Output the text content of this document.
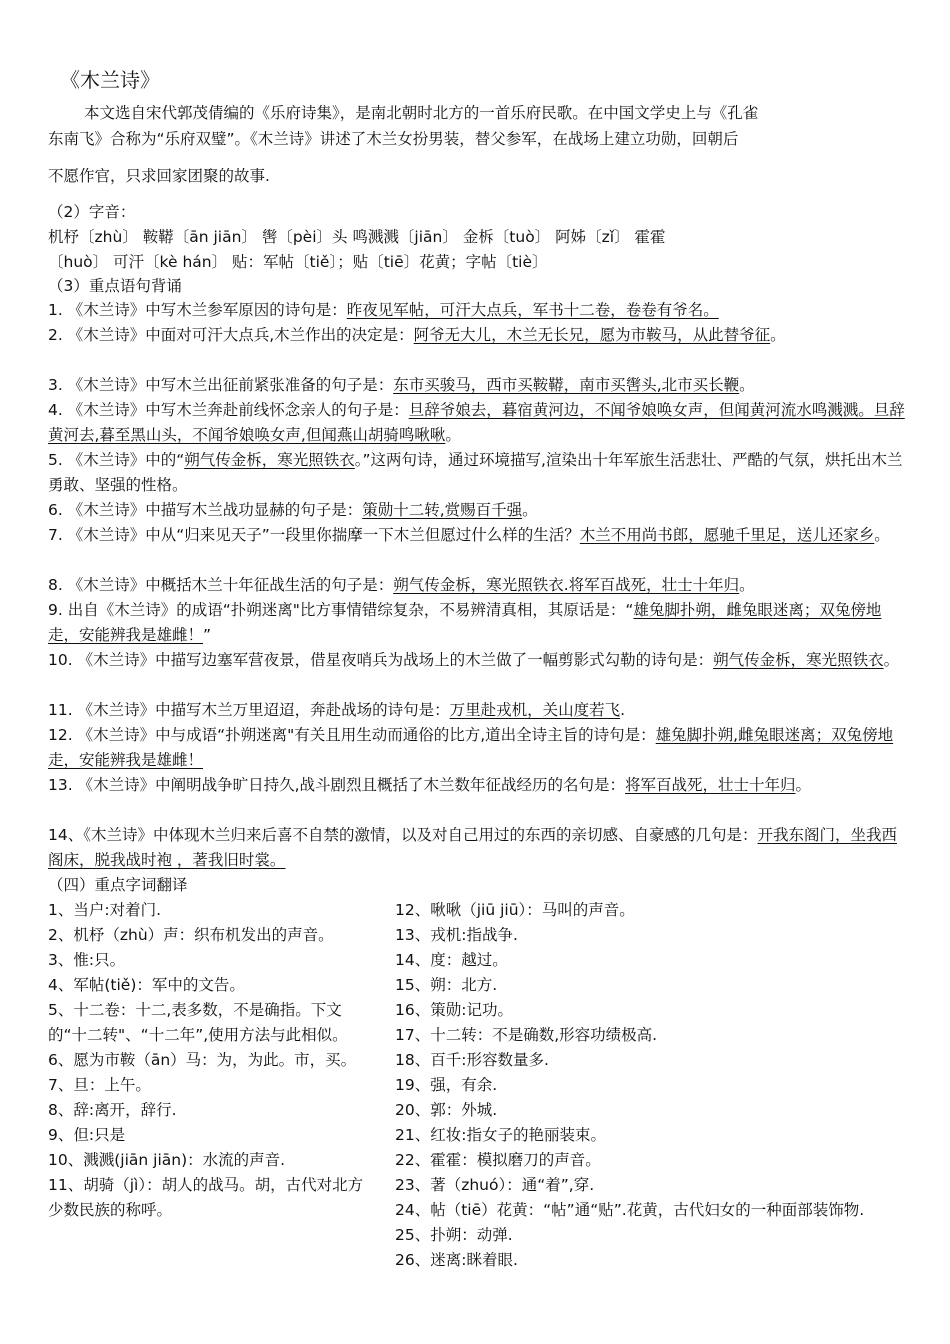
《木兰诗》
本文选自宋代郭茂倩编的《乐府诗集》，是南北朝时北方的一首乐府民歌。在中国文学史上与《孔雀
东南飞》合称为“乐府双璧”。《木兰诗》讲述了木兰女扮男装，替父参军，在战场上建立功勋，回朝后
不愿作官，只求回家团聚的故事.
（2）字音：
机杼〔zhù〕 鞍鞯〔ān jiān〕 辔〔pèi〕头 鸣溅溅〔jiān〕 金柝〔tuò〕 阿姊〔zǐ〕 霍霍
〔huò〕 可汗〔kè hán〕 贴：军帖〔tiě〕；贴〔tiē〕花黄；字帖〔tiè〕
（3）重点语句背诵
1. 《木兰诗》中写木兰参军原因的诗句是：昨夜见军帖，可汗大点兵，军书十二卷，卷卷有爷名。
2. 《木兰诗》中面对可汗大点兵,木兰作出的决定是：阿爷无大儿，木兰无长兄，愿为市鞍马，从此替爷征。
3. 《木兰诗》中写木兰出征前紧张准备的句子是：东市买骏马，西市买鞍鞯，南市买辔头,北市买长鞭。
4. 《木兰诗》中写木兰奔赴前线怀念亲人的句子是：旦辞爷娘去，暮宿黄河边，不闻爷娘唤女声，但闻黄河流水鸣溅溅。旦辞黄河去,暮至黑山头，不闻爷娘唤女声,但闻燕山胡骑鸣啾啾。
5. 《木兰诗》中的“朔气传金柝，寒光照铁衣。”这两句诗，通过环境描写,渲染出十年军旅生活悲壮、严酷的气氛，烘托出木兰勇敢、坚强的性格。
6. 《木兰诗》中描写木兰战功显赫的句子是：策勋十二转,赏赐百千强。
7. 《木兰诗》中从“归来见天子”一段里你揣摩一下木兰但愿过什么样的生活？木兰不用尚书郎，愿驰千里足，送儿还家乡。
8. 《木兰诗》中概括木兰十年征战生活的句子是：朔气传金柝，寒光照铁衣.将军百战死，壮士十年归。
9. 出自《木兰诗》的成语“扑朔迷离"比方事情错综复杂，不易辨清真相，其原话是：“雄兔脚扑朔，雌兔眼迷离；双兔傍地走，安能辨我是雄雌！”
10. 《木兰诗》中描写边塞军营夜景，借星夜哨兵为战场上的木兰做了一幅剪影式勾勒的诗句是：朔气传金柝，寒光照铁衣。
11. 《木兰诗》中描写木兰万里迢迢，奔赴战场的诗句是：万里赴戎机，关山度若飞.
12. 《木兰诗》中与成语“扑朔迷离"有关且用生动而通俗的比方,道出全诗主旨的诗句是：雄兔脚扑朔,雌兔眼迷离；双兔傍地走，安能辨我是雄雌！
13. 《木兰诗》中阐明战争旷日持久,战斗剧烈且概括了木兰数年征战经历的名句是：将军百战死，壮士十年归。
14、《木兰诗》中体现木兰归来后喜不自禁的激情，以及对自己用过的东西的亲切感、自豪感的几句是：开我东阁门，坐我西阁床，脱我战时袍 ，著我旧时裳。
（四）重点字词翻译
1、当户:对着门.
2、机杼（zhù）声：织布机发出的声音。
3、惟:只。
4、军帖(tiě)：军中的文告。
5、十二卷：十二,表多数，不是确指。下文的“十二转"、“十二年”,使用方法与此相似。
6、愿为市鞍（ān）马：为，为此。市，买。
7、旦：上午。
8、辞:离开，辞行.
9、但:只是
10、溅溅(jiān jiān)：水流的声音.
11、胡骑（jì）：胡人的战马。胡，古代对北方少数民族的称呼。
12、啾啾（jiū jiū）：马叫的声音。
13、戎机:指战争.
14、度：越过。
15、朔：北方.
16、策勋:记功。
17、十二转：不是确数,形容功绩极高.
18、百千:形容数量多.
19、强，有余.
20、郭：外城.
21、红妆:指女子的艳丽装束。
22、霍霍：模拟磨刀的声音。
23、著（zhuó）：通“着”,穿.
24、帖（tiē）花黄：“帖”通“贴”.花黄，古代妇女的一种面部装饰物.
25、扑朔：动弹.
26、迷离:眯着眼.
